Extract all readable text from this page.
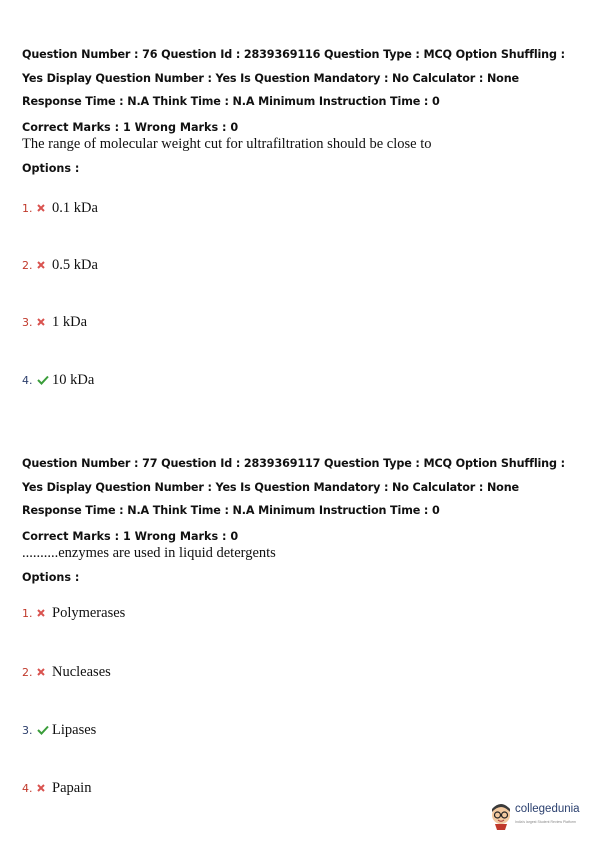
Question Number : 76 Question Id : 2839369116 Question Type : MCQ Option Shuffling : Yes Display Question Number : Yes Is Question Mandatory : No Calculator : None Response Time : N.A Think Time : N.A Minimum Instruction Time : 0
Correct Marks : 1 Wrong Marks : 0
The range of molecular weight cut for ultrafiltration should be close to
Options :
1.	0.1 kDa
2.	0.5 kDa
3.	1 kDa
4.	10 kDa
Question Number : 77 Question Id : 2839369117 Question Type : MCQ Option Shuffling : Yes Display Question Number : Yes Is Question Mandatory : No Calculator : None Response Time : N.A Think Time : N.A Minimum Instruction Time : 0
Correct Marks : 1 Wrong Marks : 0
..........enzymes are used in liquid detergents
Options :
1.	Polymerases
2.	Nucleases
3.	Lipases
4.	Papain
collegedunia
India's largest Student Review Platform
